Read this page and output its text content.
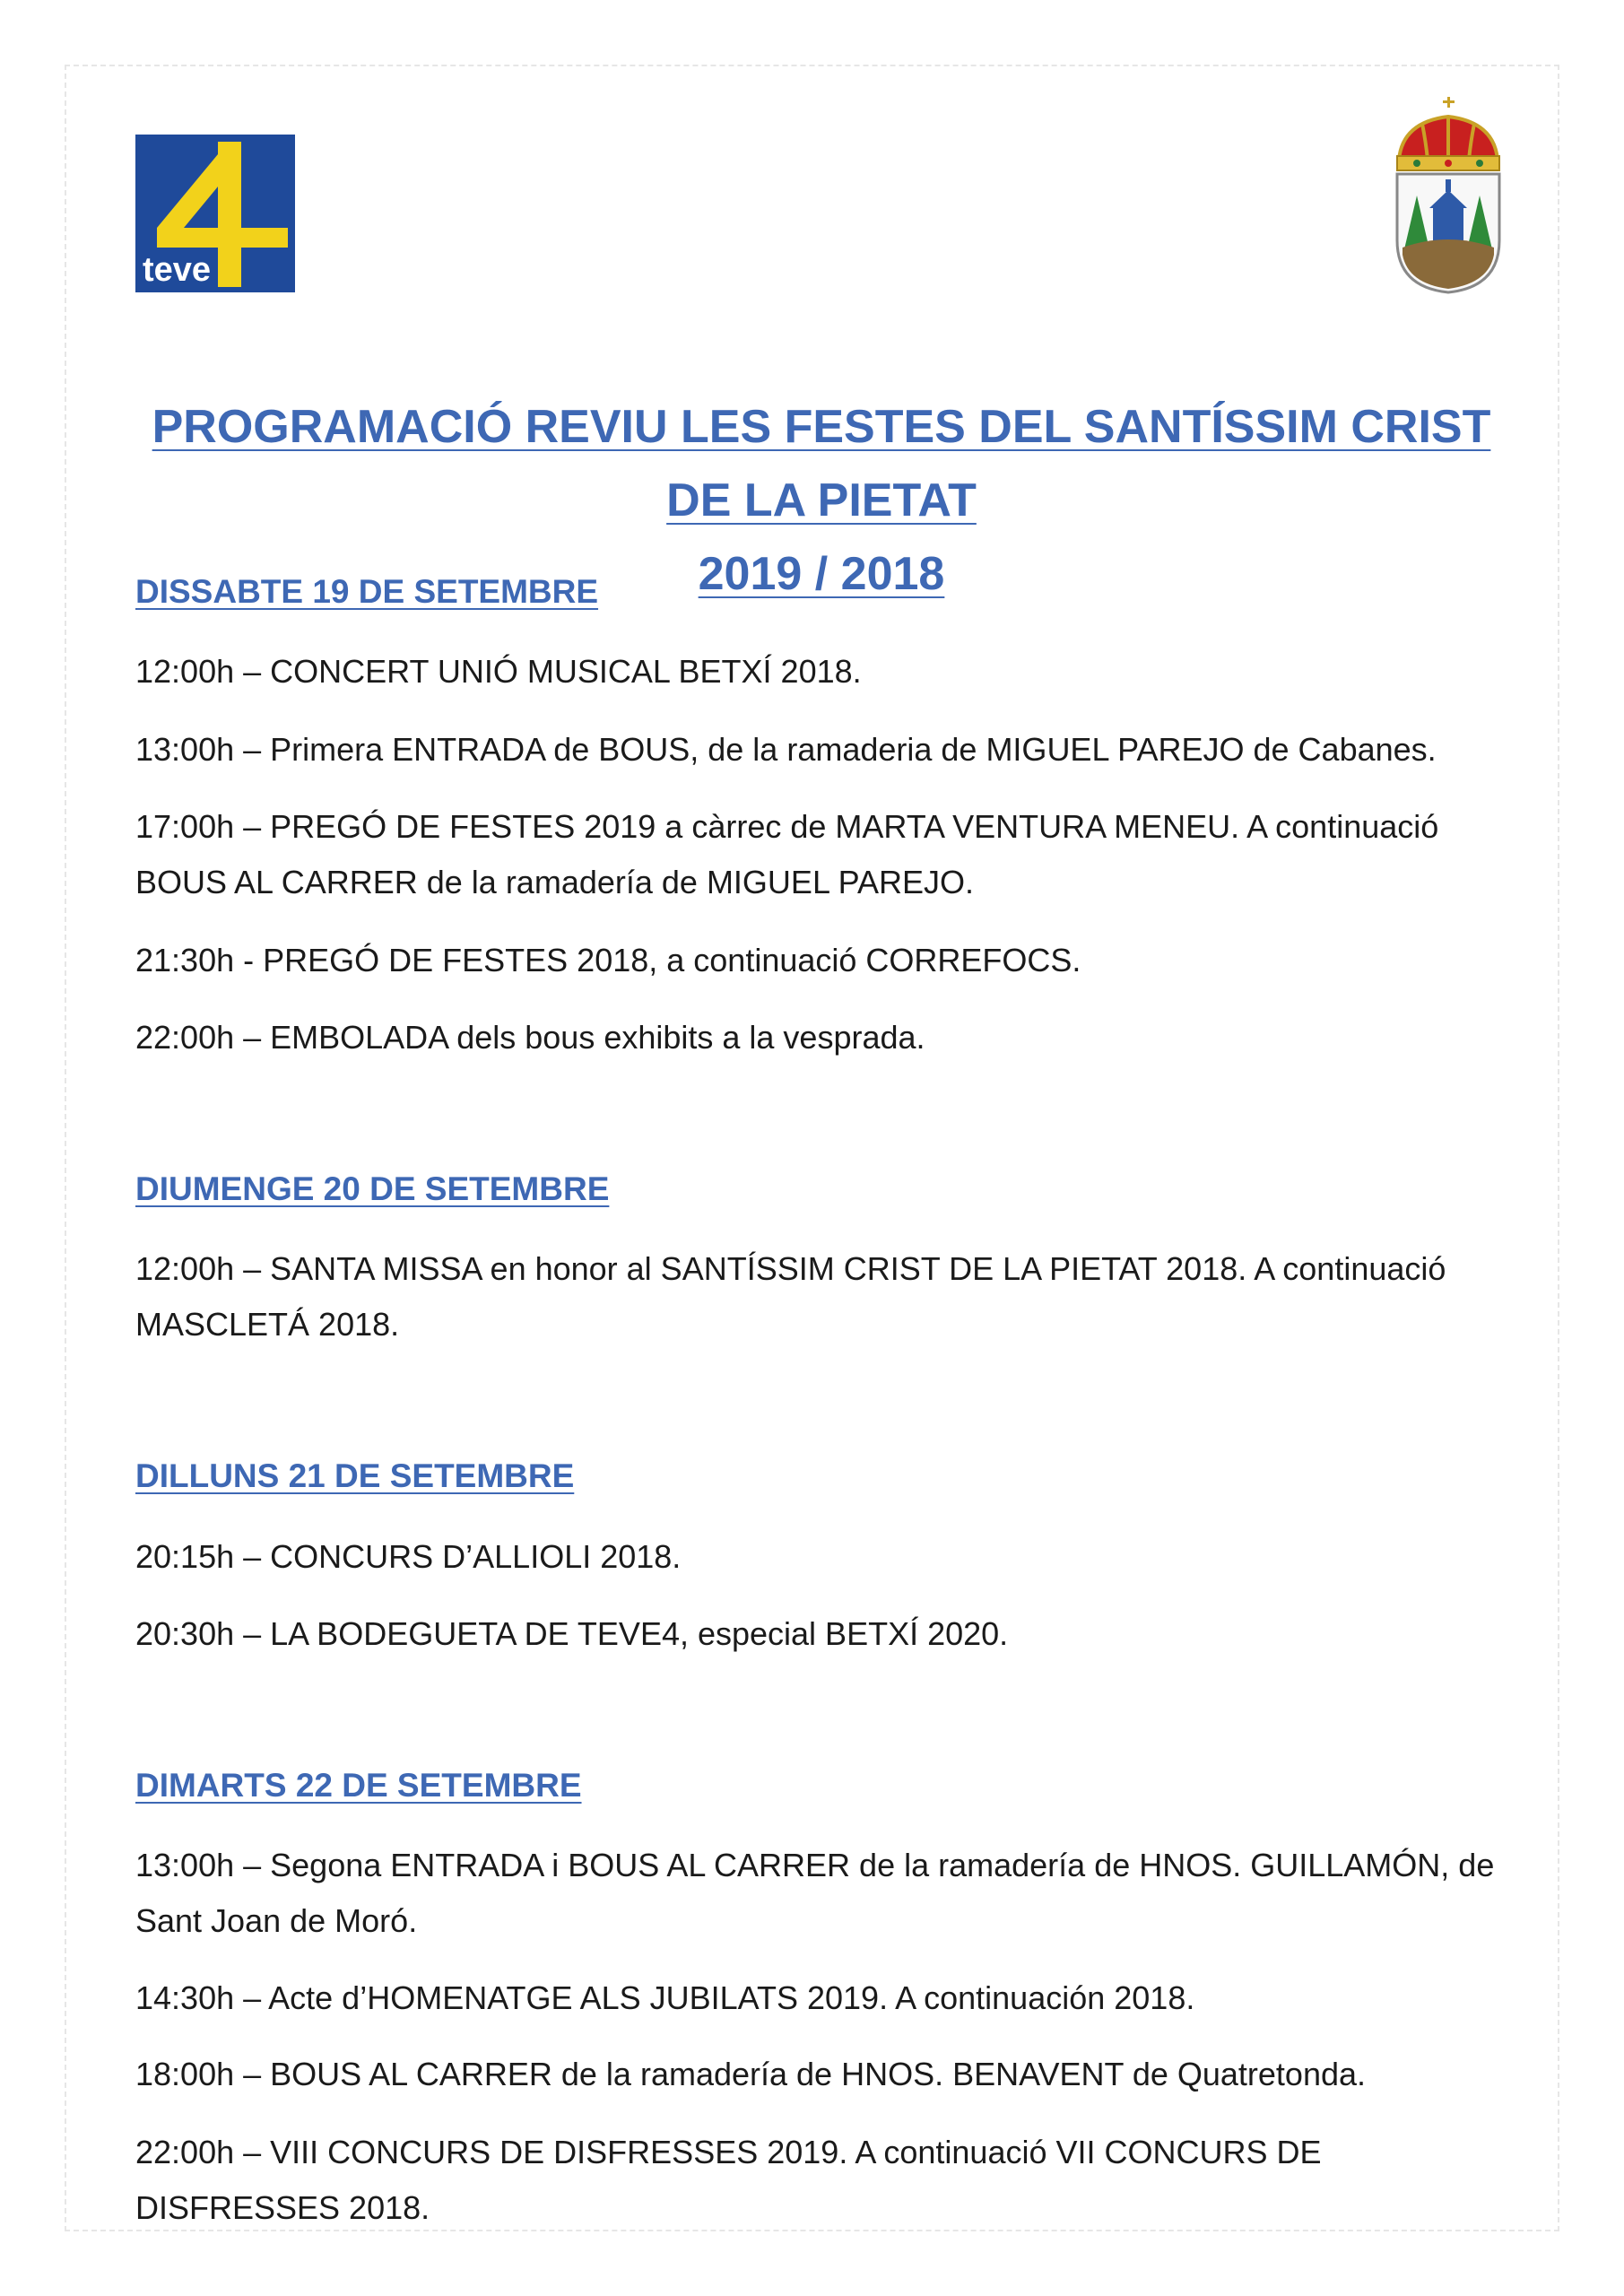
teve
PROGRAMACIÓ REVIU LES FESTES DEL SANTÍSSIM CRIST DE LA PIETAT
2019 / 2018
DISSABTE 19 DE SETEMBRE

12:00h – CONCERT UNIÓ MUSICAL BETXÍ 2018.

13:00h – Primera ENTRADA de BOUS, de la ramaderia de MIGUEL PAREJO de Cabanes.

17:00h – PREGÓ DE FESTES 2019 a càrrec de MARTA VENTURA MENEU. A continuació BOUS AL CARRER de la ramadería de MIGUEL PAREJO.

21:30h - PREGÓ DE FESTES 2018, a continuació CORREFOCS.

22:00h – EMBOLADA dels bous exhibits a la vesprada.

DIUMENGE 20 DE SETEMBRE

12:00h – SANTA MISSA en honor al SANTÍSSIM CRIST DE LA PIETAT 2018. A continuació MASCLETÁ 2018.

DILLUNS 21 DE SETEMBRE

20:15h – CONCURS D’ALLIOLI 2018.

20:30h – LA BODEGUETA DE TEVE4, especial BETXÍ 2020.

DIMARTS 22 DE SETEMBRE

13:00h – Segona ENTRADA i BOUS AL CARRER de la ramadería de HNOS. GUILLAMÓN, de Sant Joan de Moró.

14:30h – Acte d’HOMENATGE ALS JUBILATS 2019. A continuación 2018.

18:00h – BOUS AL CARRER de la ramadería de HNOS. BENAVENT de Quatretonda.

22:00h – VIII CONCURS DE DISFRESSES 2019. A continuació VII CONCURS DE DISFRESSES 2018.
